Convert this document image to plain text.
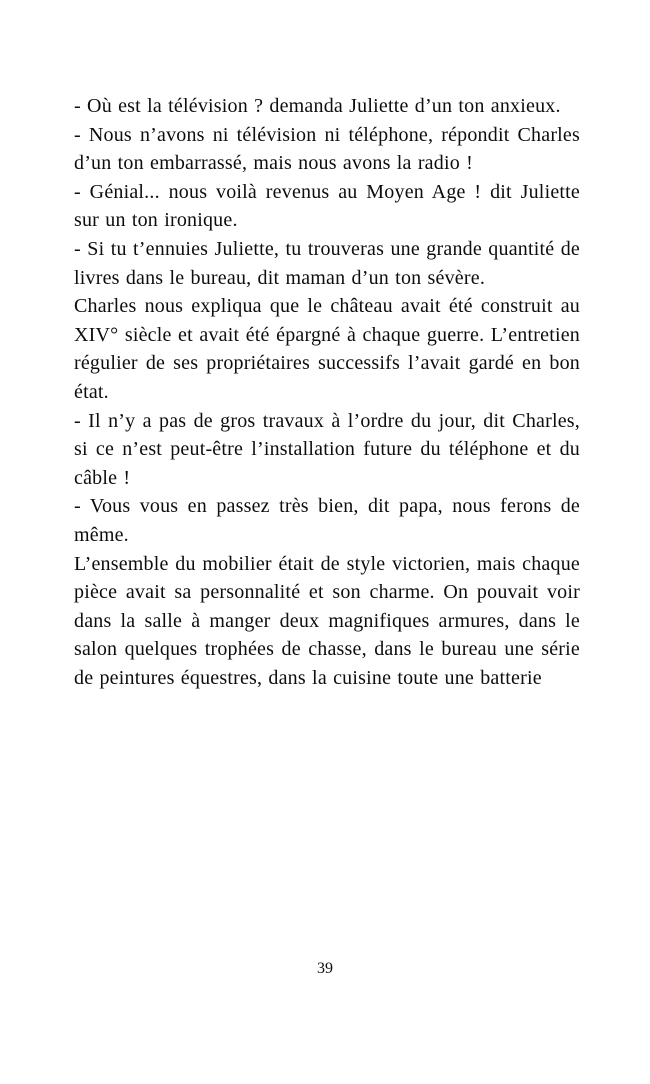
- Où est la télévision ? demanda Juliette d’un ton anxieux.

- Nous n’avons ni télévision ni téléphone, répondit Charles d’un ton embarrassé, mais nous avons la radio !

- Génial... nous voilà revenus au Moyen Age ! dit Juliette sur un ton ironique.

- Si tu t’ennuies Juliette, tu trouveras une grande quantité de livres dans le bureau, dit maman d’un ton sévère.

Charles nous expliqua que le château avait été construit au XIV° siècle et avait été épargné à chaque guerre. L’entretien régulier de ses propriétaires successifs l’avait gardé en bon état.

- Il n’y a pas de gros travaux à l’ordre du jour, dit Charles, si ce n’est peut-être l’installation future du téléphone et du câble !

- Vous vous en passez très bien, dit papa, nous ferons de même.

L’ensemble du mobilier était de style victorien, mais chaque pièce avait sa personnalité et son charme. On pouvait voir dans la salle à manger deux magnifiques armures, dans le salon quelques trophées de chasse, dans le bureau une série de peintures équestres, dans la cuisine toute une batterie

39
